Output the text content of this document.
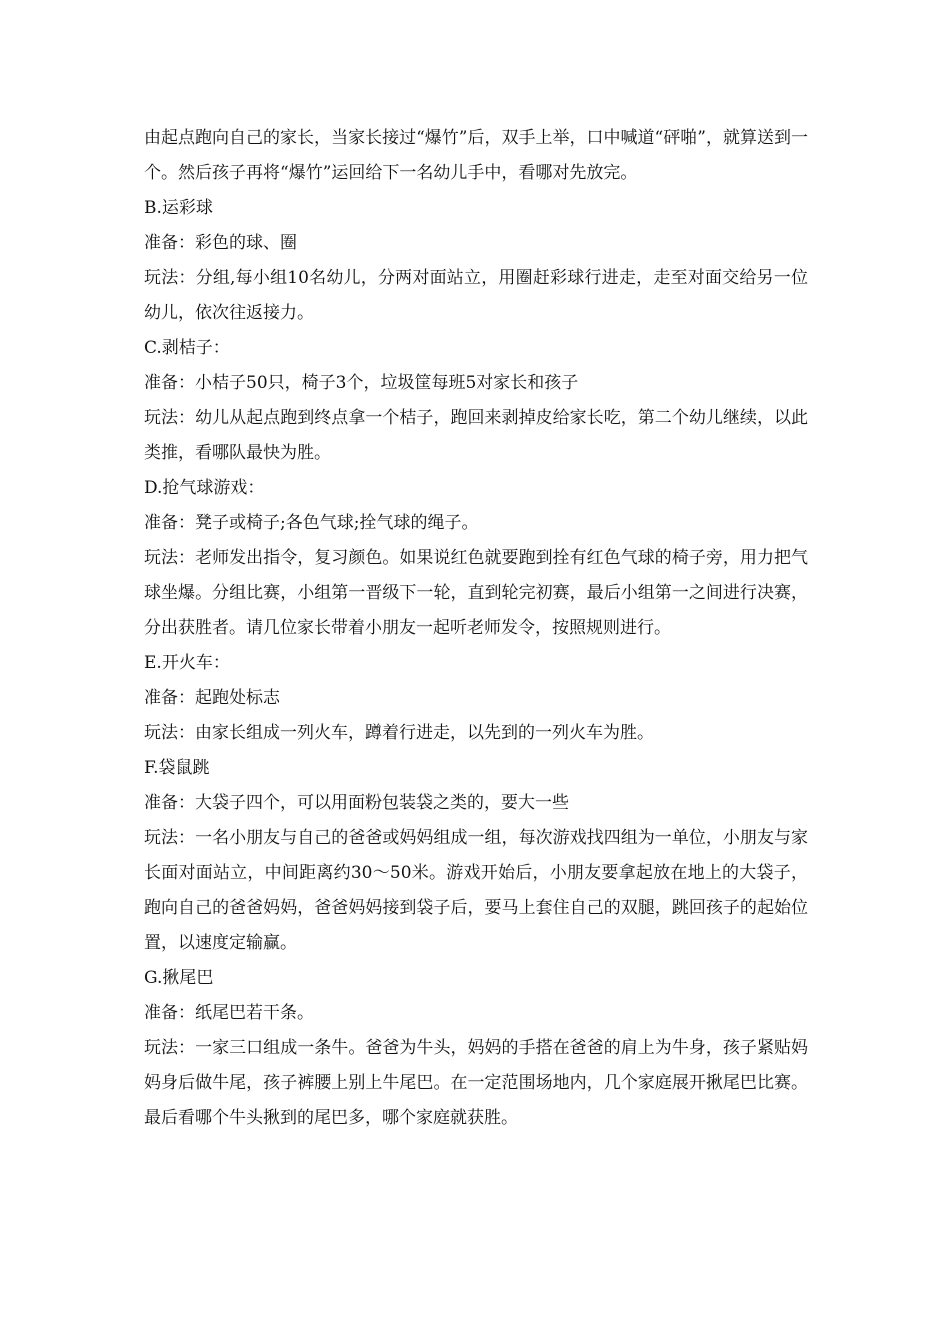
由起点跑向自己的家长，当家长接过“爆竹”后，双手上举，口中喊道“砰啪”，就算送到一个。然后孩子再将“爆竹”运回给下一名幼儿手中，看哪对先放完。

B.运彩球

准备：彩色的球、圈

玩法：分组,每小组10名幼儿，分两对面站立，用圈赶彩球行进走，走至对面交给另一位幼儿，依次往返接力。

C.剥桔子：

准备：小桔子50只，椅子3个，垃圾筐每班5对家长和孩子

玩法：幼儿从起点跑到终点拿一个桔子，跑回来剥掉皮给家长吃，第二个幼儿继续，以此类推，看哪队最快为胜。

D.抢气球游戏：

准备：凳子或椅子;各色气球;拴气球的绳子。

玩法：老师发出指令，复习颜色。如果说红色就要跑到拴有红色气球的椅子旁，用力把气球坐爆。分组比赛，小组第一晋级下一轮，直到轮完初赛，最后小组第一之间进行决赛，分出获胜者。请几位家长带着小朋友一起听老师发令，按照规则进行。

E.开火车：

准备：起跑处标志

玩法：由家长组成一列火车，蹲着行进走，以先到的一列火车为胜。

F.袋鼠跳

准备：大袋子四个，可以用面粉包装袋之类的，要大一些

玩法：一名小朋友与自己的爸爸或妈妈组成一组，每次游戏找四组为一单位，小朋友与家长面对面站立，中间距离约30～50米。游戏开始后，小朋友要拿起放在地上的大袋子，跑向自己的爸爸妈妈，爸爸妈妈接到袋子后，要马上套住自己的双腿，跳回孩子的起始位置，以速度定输赢。

G.揪尾巴

准备：纸尾巴若干条。

玩法：一家三口组成一条牛。爸爸为牛头，妈妈的手搭在爸爸的肩上为牛身，孩子紧贴妈妈身后做牛尾，孩子裤腰上别上牛尾巴。在一定范围场地内，几个家庭展开揪尾巴比赛。最后看哪个牛头揪到的尾巴多，哪个家庭就获胜。
